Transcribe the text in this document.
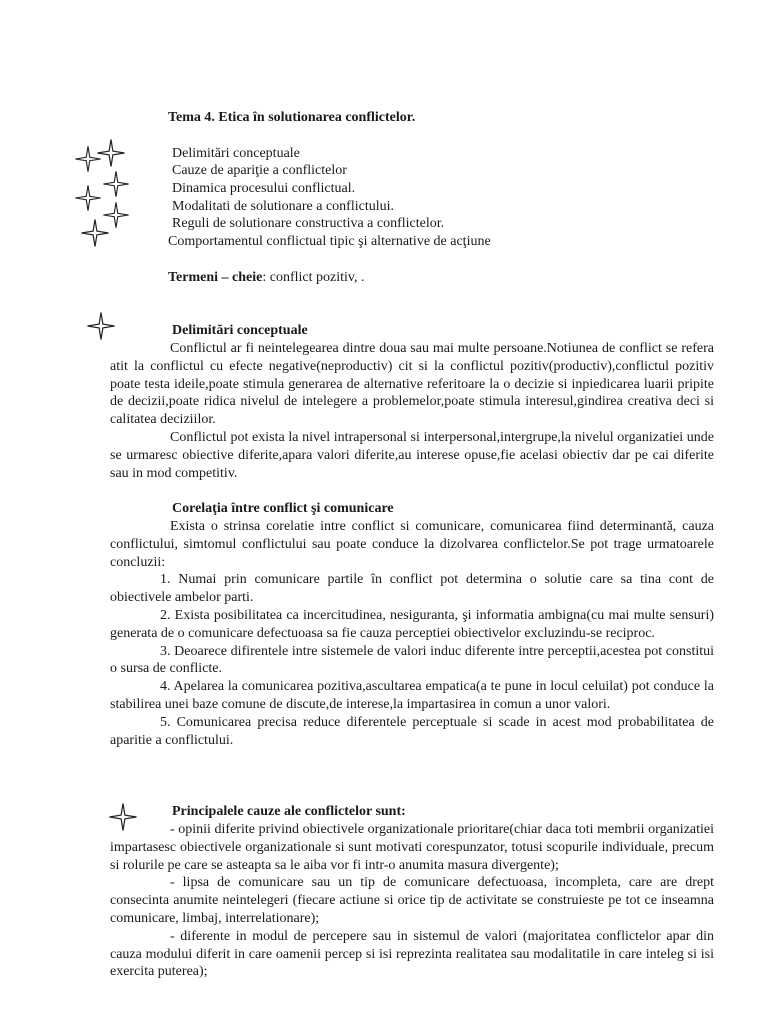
Tema 4. Etica în solutionarea conflictelor.
Delimitări conceptuale
Cauze de apariţie a conflictelor
Dinamica procesului conflictual.
Modalitati de solutionare a conflictului.
Reguli de solutionare constructiva a conflictelor.
Comportamentul conflictual tipic şi alternative de acţiune
Termeni – cheie: conflict pozitiv, .
Delimitări conceptuale

Conflictul ar fi neintelegearea dintre doua sau mai multe persoane.Notiunea de conflict se refera atit la conflictul cu efecte negative(neproductiv) cit si la conflictul pozitiv(productiv),conflictul pozitiv poate testa ideile,poate stimula generarea de alternative referitoare la o decizie si inpiedicarea luarii pripite de decizii,poate ridica nivelul de intelegere a problemelor,poate stimula interesul,gindirea creativa deci si calitatea deciziilor.

Conflictul pot exista la nivel intrapersonal si interpersonal,intergrupe,la nivelul organizatiei unde se urmaresc obiective diferite,apara valori diferite,au interese opuse,fie acelasi obiectiv dar pe cai diferite sau in mod competitiv.

Corelaţia între conflict şi comunicare

Exista o strinsa corelatie intre conflict si comunicare, comunicarea fiind determinantă, cauza conflictului, simtomul conflictului sau poate conduce la dizolvarea conflictelor.Se pot trage urmatoarele concluzii:

1. Numai prin comunicare partile în conflict pot determina o solutie care sa tina cont de obiectivele ambelor parti.

2. Exista posibilitatea ca incercitudinea, nesiguranta, şi informatia ambigna(cu mai multe sensuri) generata de o comunicare defectuoasa sa fie cauza perceptiei obiectivelor excluzindu-se reciproc.

3. Deoarece difirentele intre sistemele de valori induc diferente intre perceptii,acestea pot constitui o sursa de conflicte.

4. Apelarea la comunicarea pozitiva,ascultarea empatica(a te pune in locul celuilat) pot conduce la stabilirea unei baze comune de discute,de interese,la impartasirea in comun a unor valori.

5. Comunicarea precisa reduce diferentele perceptuale si scade in acest mod probabilitatea de aparitie a conflictului.

Principalele cauze ale conflictelor sunt:

- opinii diferite privind obiectivele organizationale prioritare(chiar daca toti membrii organizatiei impartasesc obiectivele organizationale si sunt motivati corespunzator, totusi scopurile individuale, precum si rolurile pe care se asteapta sa le aiba vor fi intr-o anumita masura divergente);

- lipsa de comunicare sau un tip de comunicare defectuoasa, incompleta, care are drept consecinta anumite neintelegeri (fiecare actiune si orice tip de activitate se construieste pe tot ce inseamna comunicare, limbaj, interrelationare);

- diferente in modul de percepere sau in sistemul de valori (majoritatea conflictelor apar din cauza modului diferit in care oamenii percep si isi reprezinta realitatea sau modalitatile in care inteleg si isi exercita puterea);
